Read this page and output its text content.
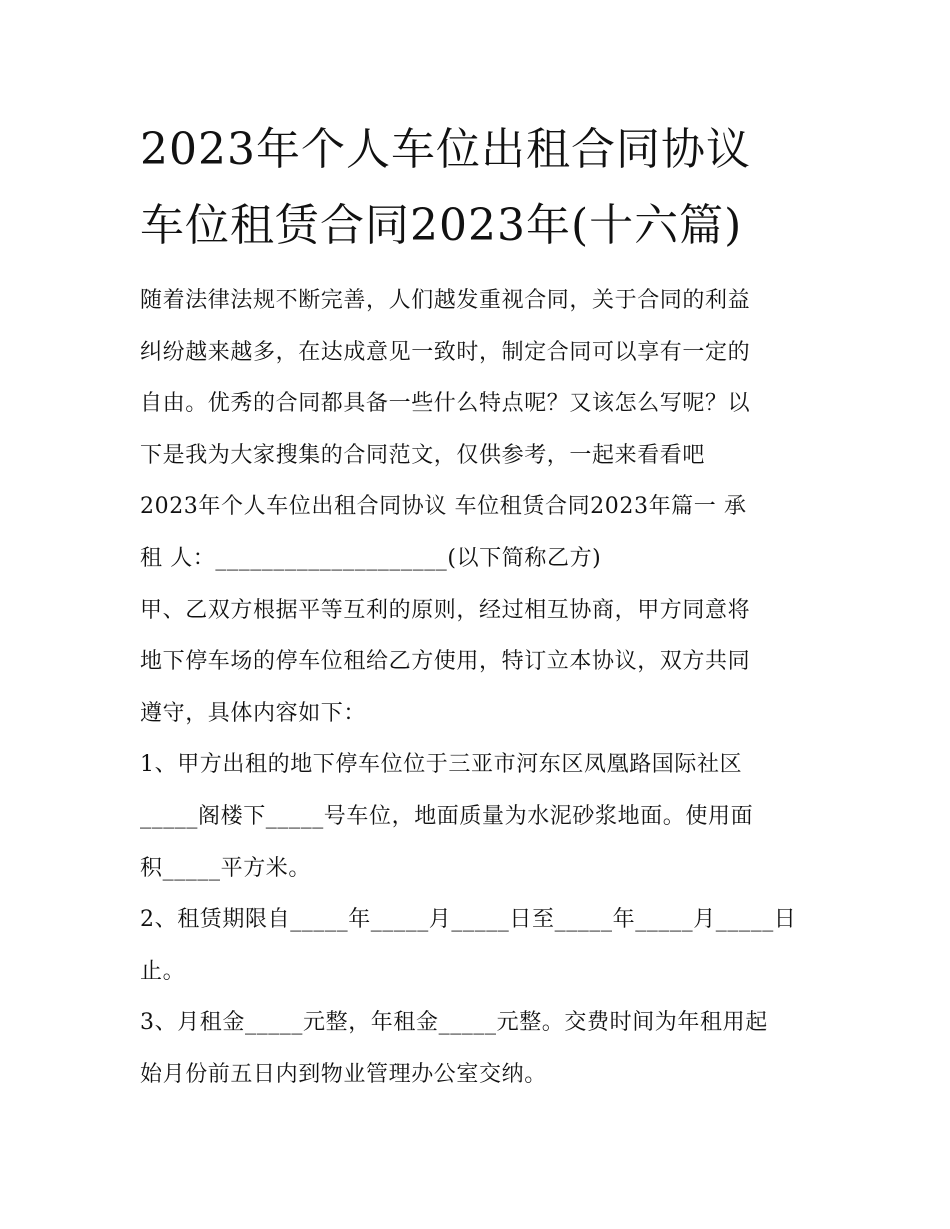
2023年个人车位出租合同协议
车位租赁合同2023年(十六篇)
随着法律法规不断完善，人们越发重视合同，关于合同的利益
纠纷越来越多，在达成意见一致时，制定合同可以享有一定的
自由。优秀的合同都具备一些什么特点呢？又该怎么写呢？以
下是我为大家搜集的合同范文，仅供参考，一起来看看吧
2023年个人车位出租合同协议 车位租赁合同2023年篇一 承
租 人：____________________(以下简称乙方)
甲、乙双方根据平等互利的原则，经过相互协商，甲方同意将
地下停车场的停车位租给乙方使用，特订立本协议，双方共同
遵守，具体内容如下：
1、甲方出租的地下停车位位于三亚市河东区凤凰路国际社区
_____阁楼下_____号车位，地面质量为水泥砂浆地面。使用面
积_____平方米。
2、租赁期限自_____年_____月_____日至_____年_____月_____日
止。
3、月租金_____元整，年租金_____元整。交费时间为年租用起
始月份前五日内到物业管理办公室交纳。
